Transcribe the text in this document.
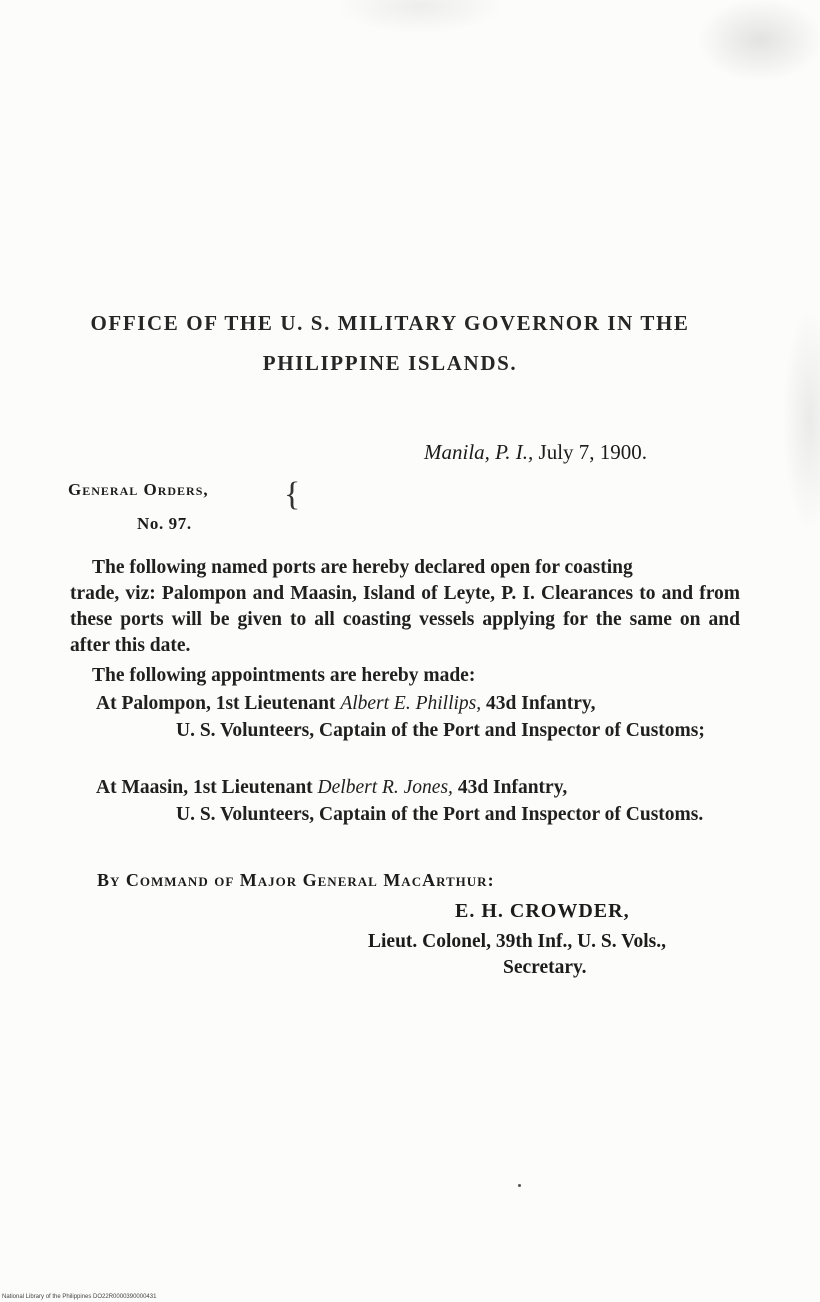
OFFICE OF THE U. S. MILITARY GOVERNOR IN THE
PHILIPPINE ISLANDS.
Manila, P. I., July 7, 1900.
General Orders,
No. 97.
{
The following named ports are hereby declared open for coasting
trade, viz: Palompon and Maasin, Island of Leyte, P. I. Clearances to and from these ports will be given to all coasting vessels applying for the same on and after this date.
The following appointments are hereby made:
At Palompon, 1st Lieutenant Albert E. Phillips, 43d Infantry,
U. S. Volunteers, Captain of the Port and Inspector of Customs;
At Maasin, 1st Lieutenant Delbert R. Jones, 43d Infantry,
U. S. Volunteers, Captain of the Port and Inspector of Customs.
By Command of Major General MacArthur:
E. H. CROWDER,
Lieut. Colonel, 39th Inf., U. S. Vols.,
Secretary.
National Library of the Philippines DO22R0000390000431
